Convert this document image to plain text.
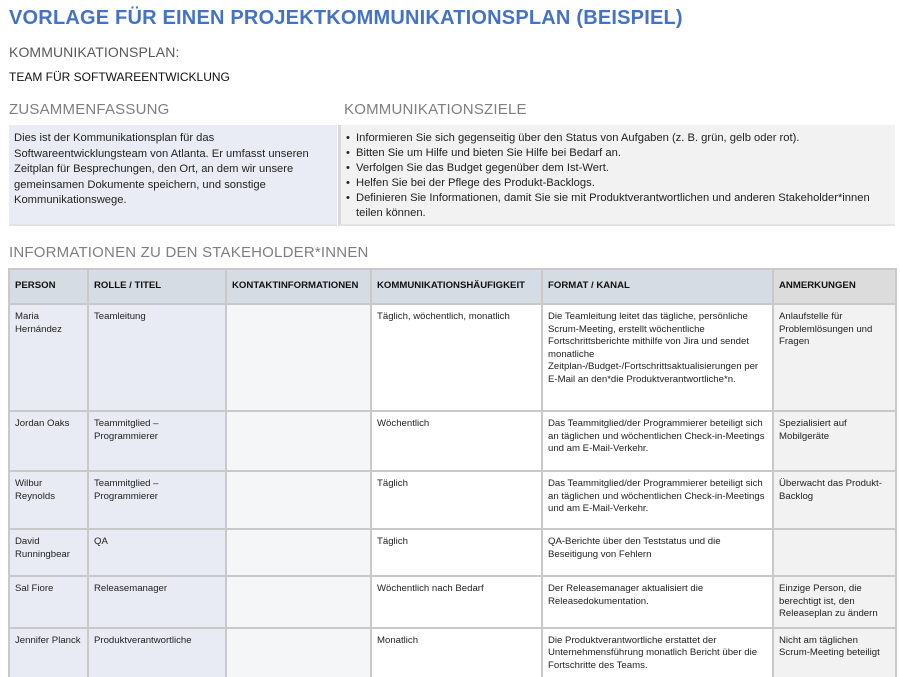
VORLAGE FÜR EINEN PROJEKTKOMMUNIKATIONSPLAN (BEISPIEL)
KOMMUNIKATIONSPLAN:
TEAM FÜR SOFTWAREENTWICKLUNG
ZUSAMMENFASSUNG	KOMMUNIKATIONSZIELE
Dies ist der Kommunikationsplan für das Softwareentwicklungsteam von Atlanta. Er umfasst unseren Zeitplan für Besprechungen, den Ort, an dem wir unsere gemeinsamen Dokumente speichern, und sonstige Kommunikationswege.
• Informieren Sie sich gegenseitig über den Status von Aufgaben (z. B. grün, gelb oder rot).
• Bitten Sie um Hilfe und bieten Sie Hilfe bei Bedarf an.
• Verfolgen Sie das Budget gegenüber dem Ist-Wert.
• Helfen Sie bei der Pflege des Produkt-Backlogs.
• Definieren Sie Informationen, damit Sie sie mit Produktverantwortlichen und anderen Stakeholder*innen teilen können.
INFORMATIONEN ZU DEN STAKEHOLDER*INNEN
PERSON	ROLLE / TITEL	KONTAKTINFORMATIONEN	KOMMUNIKATIONSHÄUFIGKEIT	FORMAT / KANAL	ANMERKUNGEN
Maria Hernández	Teamleitung		Täglich, wöchentlich, monatlich	Die Teamleitung leitet das tägliche, persönliche Scrum-Meeting, erstellt wöchentliche Fortschrittsberichte mithilfe von Jira und sendet monatliche Zeitplan-/Budget-/Fortschrittsaktualisierungen per E-Mail an den*die Produktverantwortliche*n.	Anlaufstelle für Problemlösungen und Fragen
Jordan Oaks	Teammitglied – Programmierer		Wöchentlich	Das Teammitglied/der Programmierer beteiligt sich an täglichen und wöchentlichen Check-in-Meetings und am E-Mail-Verkehr.	Spezialisiert auf Mobilgeräte
Wilbur Reynolds	Teammitglied – Programmierer		Täglich	Das Teammitglied/der Programmierer beteiligt sich an täglichen und wöchentlichen Check-in-Meetings und am E-Mail-Verkehr.	Überwacht das Produkt-Backlog
David Runningbear	QA		Täglich	QA-Berichte über den Teststatus und die Beseitigung von Fehlern	
Sal Fiore	Releasemanager		Wöchentlich nach Bedarf	Der Releasemanager aktualisiert die Releasedokumentation.	Einzige Person, die berechtigt ist, den Releaseplan zu ändern
Jennifer Planck	Produktverantwortliche		Monatlich	Die Produktverantwortliche erstattet der Unternehmensführung monatlich Bericht über die Fortschritte des Teams.	Nicht am täglichen Scrum-Meeting beteiligt
